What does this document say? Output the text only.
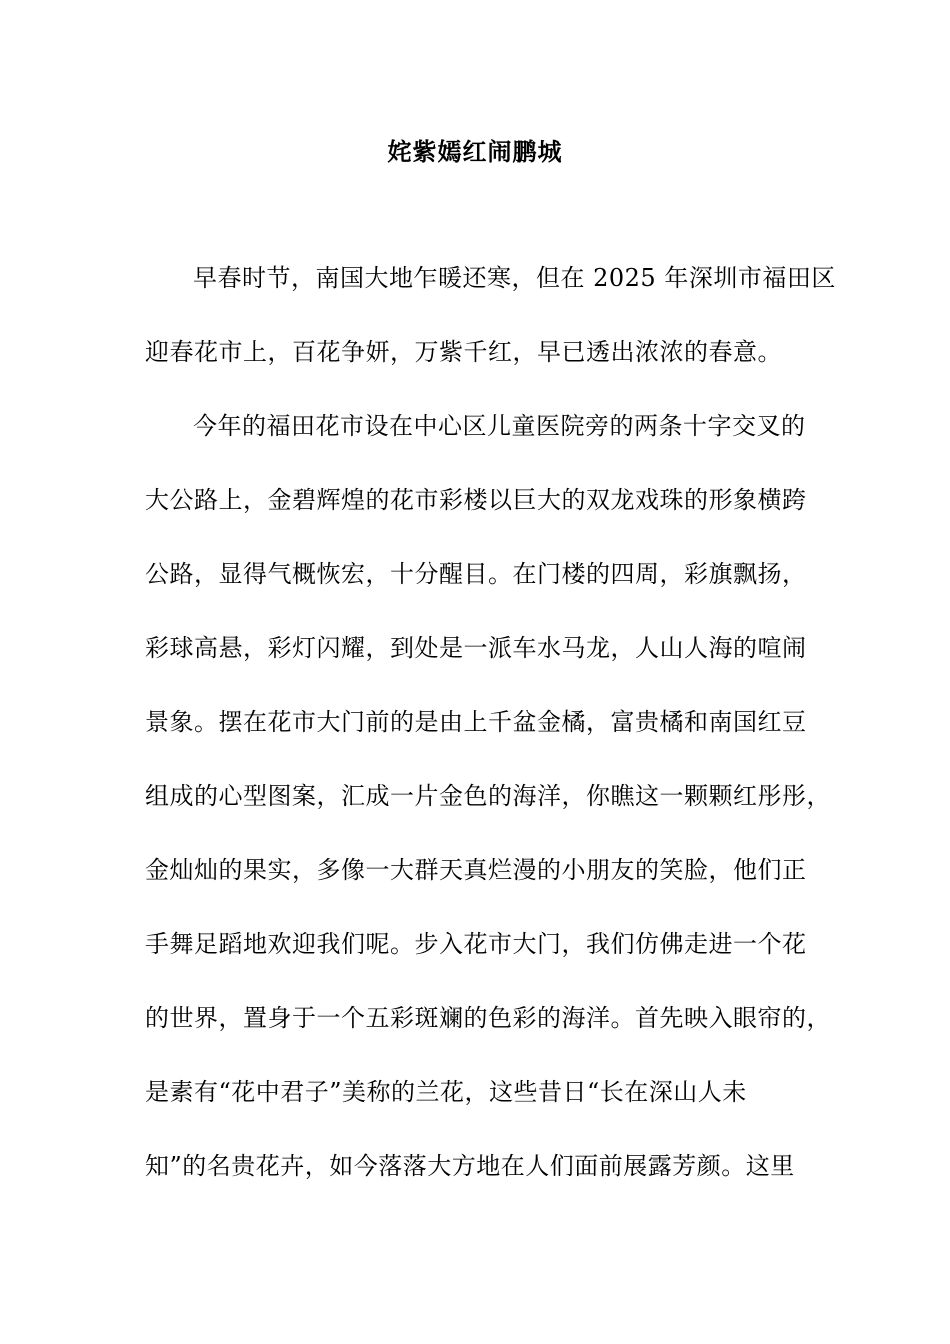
姹紫嫣红闹鹏城
早春时节，南国大地乍暖还寒，但在 2025 年深圳市福田区
迎春花市上，百花争妍，万紫千红，早已透出浓浓的春意。
今年的福田花市设在中心区儿童医院旁的两条十字交叉的
大公路上，金碧辉煌的花市彩楼以巨大的双龙戏珠的形象横跨
公路，显得气概恢宏，十分醒目。在门楼的四周，彩旗飘扬，
彩球高悬，彩灯闪耀，到处是一派车水马龙，人山人海的喧闹
景象。摆在花市大门前的是由上千盆金橘，富贵橘和南国红豆
组成的心型图案，汇成一片金色的海洋，你瞧这一颗颗红彤彤，
金灿灿的果实，多像一大群天真烂漫的小朋友的笑脸，他们正
手舞足蹈地欢迎我们呢。步入花市大门，我们仿佛走进一个花
的世界，置身于一个五彩斑斓的色彩的海洋。首先映入眼帘的，
是素有“花中君子”美称的兰花，这些昔日“长在深山人未
知”的名贵花卉，如今落落大方地在人们面前展露芳颜。这里
